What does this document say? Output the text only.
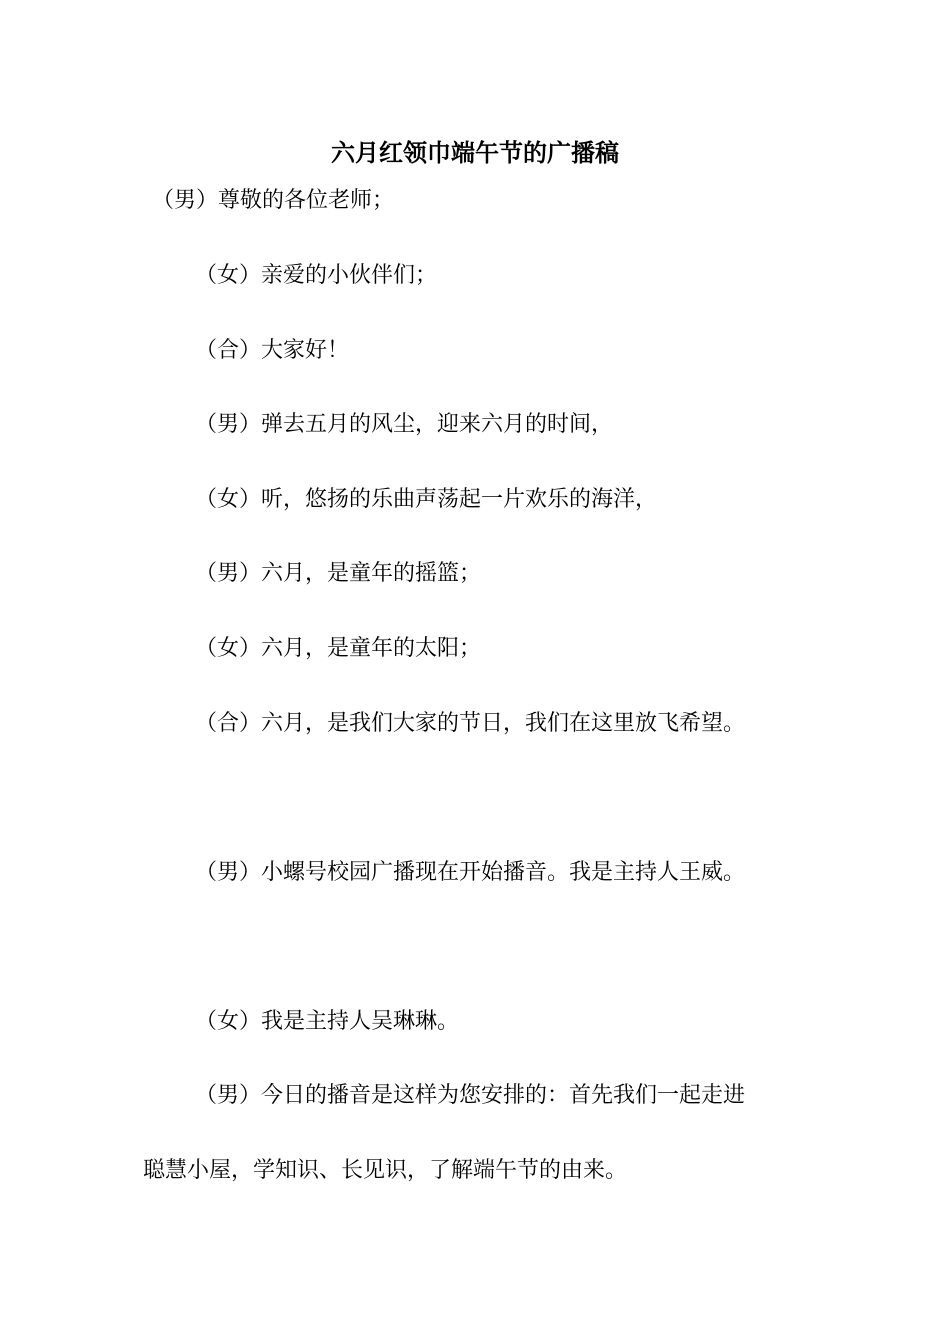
六月红领巾端午节的广播稿
（男）尊敬的各位老师；
（女）亲爱的小伙伴们；
（合）大家好！
（男）弹去五月的风尘，迎来六月的时间，
（女）听，悠扬的乐曲声荡起一片欢乐的海洋，
（男）六月，是童年的摇篮；
（女）六月，是童年的太阳；
（合）六月，是我们大家的节日，我们在这里放飞希望。
（男）小螺号校园广播现在开始播音。我是主持人王威。
（女）我是主持人吴琳琳。
（男）今日的播音是这样为您安排的：首先我们一起走进
聪慧小屋，学知识、长见识，了解端午节的由来。
